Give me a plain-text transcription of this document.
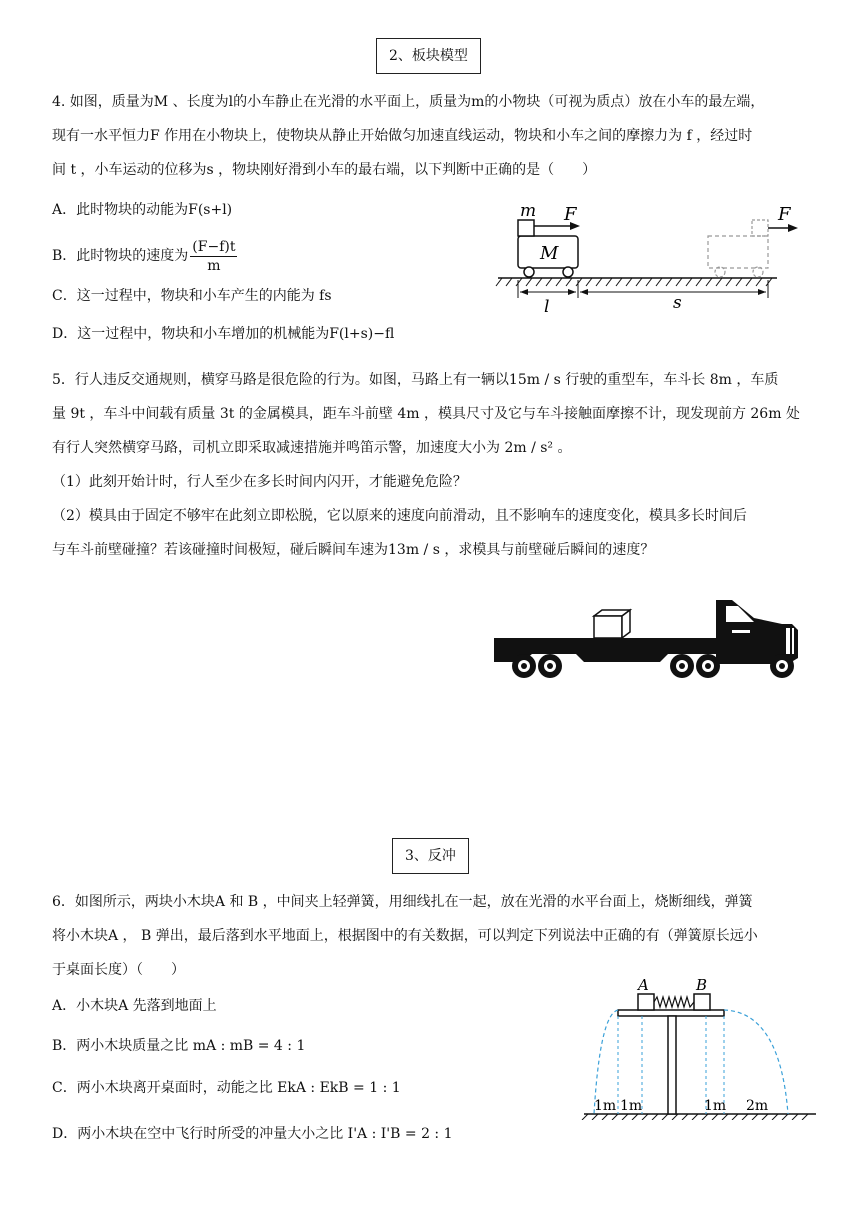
2、板块模型
4. 如图，质量为M 、长度为l的小车静止在光滑的水平面上，质量为m的小物块（可视为质点）放在小车的最左端，
现有一水平恒力F 作用在小物块上，使物块从静止开始做匀加速直线运动，物块和小车之间的摩擦力为 f ，经过时
间 t ，小车运动的位移为s ，物块刚好滑到小车的最右端，以下判断中正确的是（　　）
A．此时物块的动能为F(s+l)
B．此时物块的速度为 $\frac{(F-f)t}{m}$
C．这一过程中，物块和小车产生的内能为 fs
D．这一过程中，物块和小车增加的机械能为F(l+s)−fl
m F
M
F
l	s
5．行人违反交通规则，横穿马路是很危险的行为。如图，马路上有一辆以15m / s 行驶的重型车，车斗长 8m ，车质
量 9t ，车斗中间载有质量 3t 的金属模具，距车斗前壁 4m ，模具尺寸及它与车斗接触面摩擦不计，现发现前方 26m 处
有行人突然横穿马路，司机立即采取减速措施并鸣笛示警，加速度大小为 2m / s² 。
（1）此刻开始计时，行人至少在多长时间内闪开，才能避免危险？
（2）模具由于固定不够牢在此刻立即松脱，它以原来的速度向前滑动，且不影响车的速度变化，模具多长时间后
与车斗前壁碰撞？若该碰撞时间极短，碰后瞬间车速为13m / s ，求模具与前壁碰后瞬间的速度？
3、反冲
6．如图所示，两块小木块A 和 B ，中间夹上轻弹簧，用细线扎在一起，放在光滑的水平台面上，烧断细线，弹簧
将小木块A ， B 弹出，最后落到水平地面上，根据图中的有关数据，可以判定下列说法中正确的有（弹簧原长远小
于桌面长度）（　　）
A．小木块A 先落到地面上
B．两小木块质量之比 mA : mB = 4 : 1
C．两小木块离开桌面时，动能之比 EkA : EkB = 1 : 1
D．两小木块在空中飞行时所受的冲量大小之比 I'A : I'B = 2 : 1
A	B
1m 1m	1m 2m
